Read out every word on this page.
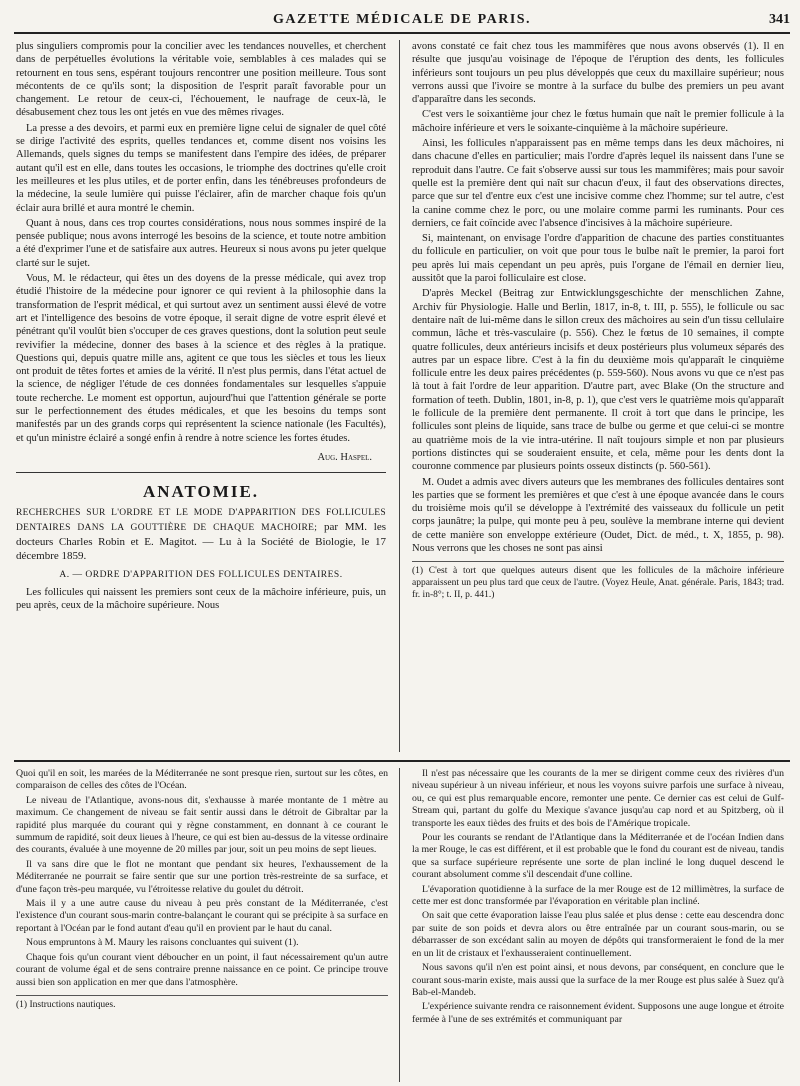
GAZETTE MÉDICALE DE PARIS.	341

plus singuliers compromis pour la concilier avec les tendances nouvelles, et cherchent dans de perpétuelles évolutions la véritable voie, semblables à ces malades qui se retournent en tous sens, espérant toujours rencontrer une position meilleure. Tous sont mécontents de ce qu'ils sont; la disposition de l'esprit paraît favorable pour un changement. Le retour de ceux-ci, l'échouement, le naufrage de ceux-là, le désabusement chez tous les ont jetés en vue des mêmes rivages.

La presse a des devoirs, et parmi eux en première ligne celui de signaler de quel côté se dirige l'activité des esprits, quelles tendances et, comme disent nos voisins les Allemands, quels signes du temps se manifestent dans l'empire des idées, de préparer autant qu'il est en elle, dans toutes les occasions, le triomphe des doctrines qu'elle croit les meilleures et les plus utiles, et de porter enfin, dans les ténébreuses profondeurs de la médecine, la seule lumière qui puisse l'éclairer, afin de marcher chaque fois qu'un éclair aura brillé et aura montré le chemin.

Quant à nous, dans ces trop courtes considérations, nous nous sommes inspiré de la pensée publique; nous avons interrogé les besoins de la science, et toute notre ambition a été d'exprimer l'une et de satisfaire aux autres. Heureux si nous avons pu jeter quelque clarté sur le sujet.

Vous, M. le rédacteur, qui êtes un des doyens de la presse médicale, qui avez trop étudié l'histoire de la médecine pour ignorer ce qui revient à la philosophie dans la transformation de l'esprit médical, et qui surtout avez un sentiment aussi élevé de votre art et l'intelligence des besoins de votre époque, il serait digne de votre esprit élevé et pénétrant qu'il voulût bien s'occuper de ces graves questions, dont la solution peut seule revivifier la médecine, donner des bases à la science et des règles à la pratique. Questions qui, depuis quatre mille ans, agitent ce que tous les siècles et tous les lieux ont produit de têtes fortes et amies de la vérité. Il n'est plus permis, dans l'état actuel de la science, de négliger l'étude de ces données fondamentales sur lesquelles s'appuie toute recherche. Le moment est opportun, aujourd'hui que l'attention générale se porte sur le perfectionnement des études médicales, et que les besoins du temps sont manifestés par un des grands corps qui représentent la science nationale (les Facultés), et qu'un ministre éclairé a songé enfin à rendre à notre science les fortes études.

Aug. Haspel.
ANATOMIE.
RECHERCHES SUR L'ORDRE ET LE MODE D'APPARITION DES FOLLICULES DENTAIRES DANS LA GOUTTIÈRE DE CHAQUE MACHOIRE; par MM. les docteurs Charles Robin et E. Magitot. — Lu à la Société de Biologie, le 17 décembre 1859.
A. — ORDRE D'APPARITION DES FOLLICULES DENTAIRES.

Les follicules qui naissent les premiers sont ceux de la mâchoire inférieure, puis, un peu après, ceux de la mâchoire supérieure. Nous

avons constaté ce fait chez tous les mammifères que nous avons observés (1). Il en résulte que jusqu'au voisinage de l'époque de l'éruption des dents, les follicules inférieurs sont toujours un peu plus développés que ceux du maxillaire supérieur; nous verrons aussi que l'ivoire se montre à la surface du bulbe des premiers un peu avant d'apparaître dans les seconds.

C'est vers le soixantième jour chez le fœtus humain que naît le premier follicule à la mâchoire inférieure et vers le soixante-cinquième à la mâchoire supérieure.

Ainsi, les follicules n'apparaissent pas en même temps dans les deux mâchoires, ni dans chacune d'elles en particulier; mais l'ordre d'après lequel ils naissent dans l'une se reproduit dans l'autre. Ce fait s'observe aussi sur tous les mammifères; mais pour savoir quelle est la première dent qui naît sur chacun d'eux, il faut des observations directes, parce que sur tel d'entre eux c'est une incisive comme chez l'homme; sur tel autre, c'est la canine comme chez le porc, ou une molaire comme parmi les ruminants. Pour ces derniers, ce fait coïncide avec l'absence d'incisives à la mâchoire supérieure.

Si, maintenant, on envisage l'ordre d'apparition de chacune des parties constituantes du follicule en particulier, on voit que pour tous le bulbe naît le premier, la paroi fort peu après lui mais cependant un peu après, puis l'organe de l'émail en dernier lieu, aussitôt que la paroi folliculaire est close.

D'après Meckel (Beitrag zur Entwicklungsgeschichte der menschlichen Zahne, Archiv für Physiologie. Halle und Berlin, 1817, in-8, t. III, p. 555), le follicule ou sac dentaire naît de lui-même dans le sillon creux des mâchoires au sein d'un tissu cellulaire commun, lâche et très-vasculaire (p. 556). Chez le fœtus de 10 semaines, il compte quatre follicules, deux antérieurs incisifs et deux postérieurs plus volumeux séparés des autres par un espace libre. C'est à la fin du deuxième mois qu'apparaît le cinquième follicule entre les deux paires précédentes (p. 559-560). Nous avons vu que ce n'est pas là tout à fait l'ordre de leur apparition. D'autre part, avec Blake (On the structure and formation of teeth. Dublin, 1801, in-8, p. 1), que c'est vers le quatrième mois qu'apparaît le follicule de la première dent permanente. Il croit à tort que dans le principe, les follicules sont pleins de liquide, sans trace de bulbe ou germe et que celui-ci se montre au quatrième mois de la vie intra-utérine. Il naît toujours simple et non par plusieurs portions distinctes qui se souderaient ensuite, et cela, même pour les dents dont la couronne commence par plusieurs points osseux distincts (p. 560-561).

M. Oudet a admis avec divers auteurs que les membranes des follicules dentaires sont les parties que se forment les premières et que c'est à une époque avancée dans le cours du troisième mois qu'il se développe à l'extrémité des vaisseaux du follicule un petit corps jaunâtre; la pulpe, qui monte peu à peu, soulève la membrane interne qui devient de cette manière son enveloppe extérieure (Oudet, Dict. de méd., t. X, 1855, p. 98). Nous verrons que les choses ne sont pas ainsi

(1) C'est à tort que quelques auteurs disent que les follicules de la mâchoire inférieure apparaissent un peu plus tard que ceux de l'autre. (Voyez Heule, Anat. générale. Paris, 1843; trad. fr. in-8°; t. II, p. 441.)

Quoi qu'il en soit, les marées de la Méditerranée ne sont presque rien, surtout sur les côtes, en comparaison de celles des côtes de l'Océan.

Le niveau de l'Atlantique, avons-nous dit, s'exhausse à marée montante de 1 mètre au maximum. Ce changement de niveau se fait sentir aussi dans le détroit de Gibraltar par la rapidité plus marquée du courant qui y règne constamment, en donnant à ce courant le summum de rapidité, soit deux lieues à l'heure, ce qui est bien au-dessus de la vitesse ordinaire des courants, évaluée à une moyenne de 20 milles par jour, soit un peu moins de sept lieues.

Il va sans dire que le flot ne montant que pendant six heures, l'exhaussement de la Méditerranée ne pourrait se faire sentir que sur une portion très-restreinte de sa surface, et d'une façon très-peu marquée, vu l'étroitesse relative du goulet du détroit.

Mais il y a une autre cause du niveau à peu près constant de la Méditerranée, c'est l'existence d'un courant sous-marin contre-balançant le courant qui se précipite à sa surface en reportant à l'Océan par le fond autant d'eau qu'il en provient par le haut du canal.

Nous empruntons à M. Maury les raisons concluantes qui suivent (1).

Chaque fois qu'un courant vient déboucher en un point, il faut nécessairement qu'un autre courant de volume égal et de sens contraire prenne naissance en ce point. Ce principe trouve aussi bien son application en mer que dans l'atmosphère.

(1) Instructions nautiques.

Il n'est pas nécessaire que les courants de la mer se dirigent comme ceux des rivières d'un niveau supérieur à un niveau inférieur, et nous les voyons suivre parfois une surface à niveau, ou, ce qui est plus remarquable encore, remonter une pente. Ce dernier cas est celui de Gulf-Stream qui, partant du golfe du Mexique s'avance jusqu'au cap nord et au Spitzberg, où il transporte les eaux tièdes des fruits et des bois de l'Amérique tropicale.

Pour les courants se rendant de l'Atlantique dans la Méditerranée et de l'océan Indien dans la mer Rouge, le cas est différent, et il est probable que le fond du courant est de niveau, tandis que sa surface supérieure représente une sorte de plan incliné le long duquel descend le courant absolument comme s'il descendait d'une colline.

L'évaporation quotidienne à la surface de la mer Rouge est de 12 millimètres, la surface de cette mer est donc transformée par l'évaporation en véritable plan incliné.

On sait que cette évaporation laisse l'eau plus salée et plus dense : cette eau descendra donc par suite de son poids et devra alors ou être entraînée par un courant sous-marin, ou se débarrasser de son excédant salin au moyen de dépôts qui transformeraient le fond de la mer en un lit de cristaux et l'exhausseraient continuellement.

Nous savons qu'il n'en est point ainsi, et nous devons, par conséquent, en conclure que le courant sous-marin existe, mais aussi que la surface de la mer Rouge est plus salée à Suez qu'à Bab-el-Mandeb.

L'expérience suivante rendra ce raisonnement évident. Supposons une auge longue et étroite fermée à l'une de ses extrémités et communiquant par
